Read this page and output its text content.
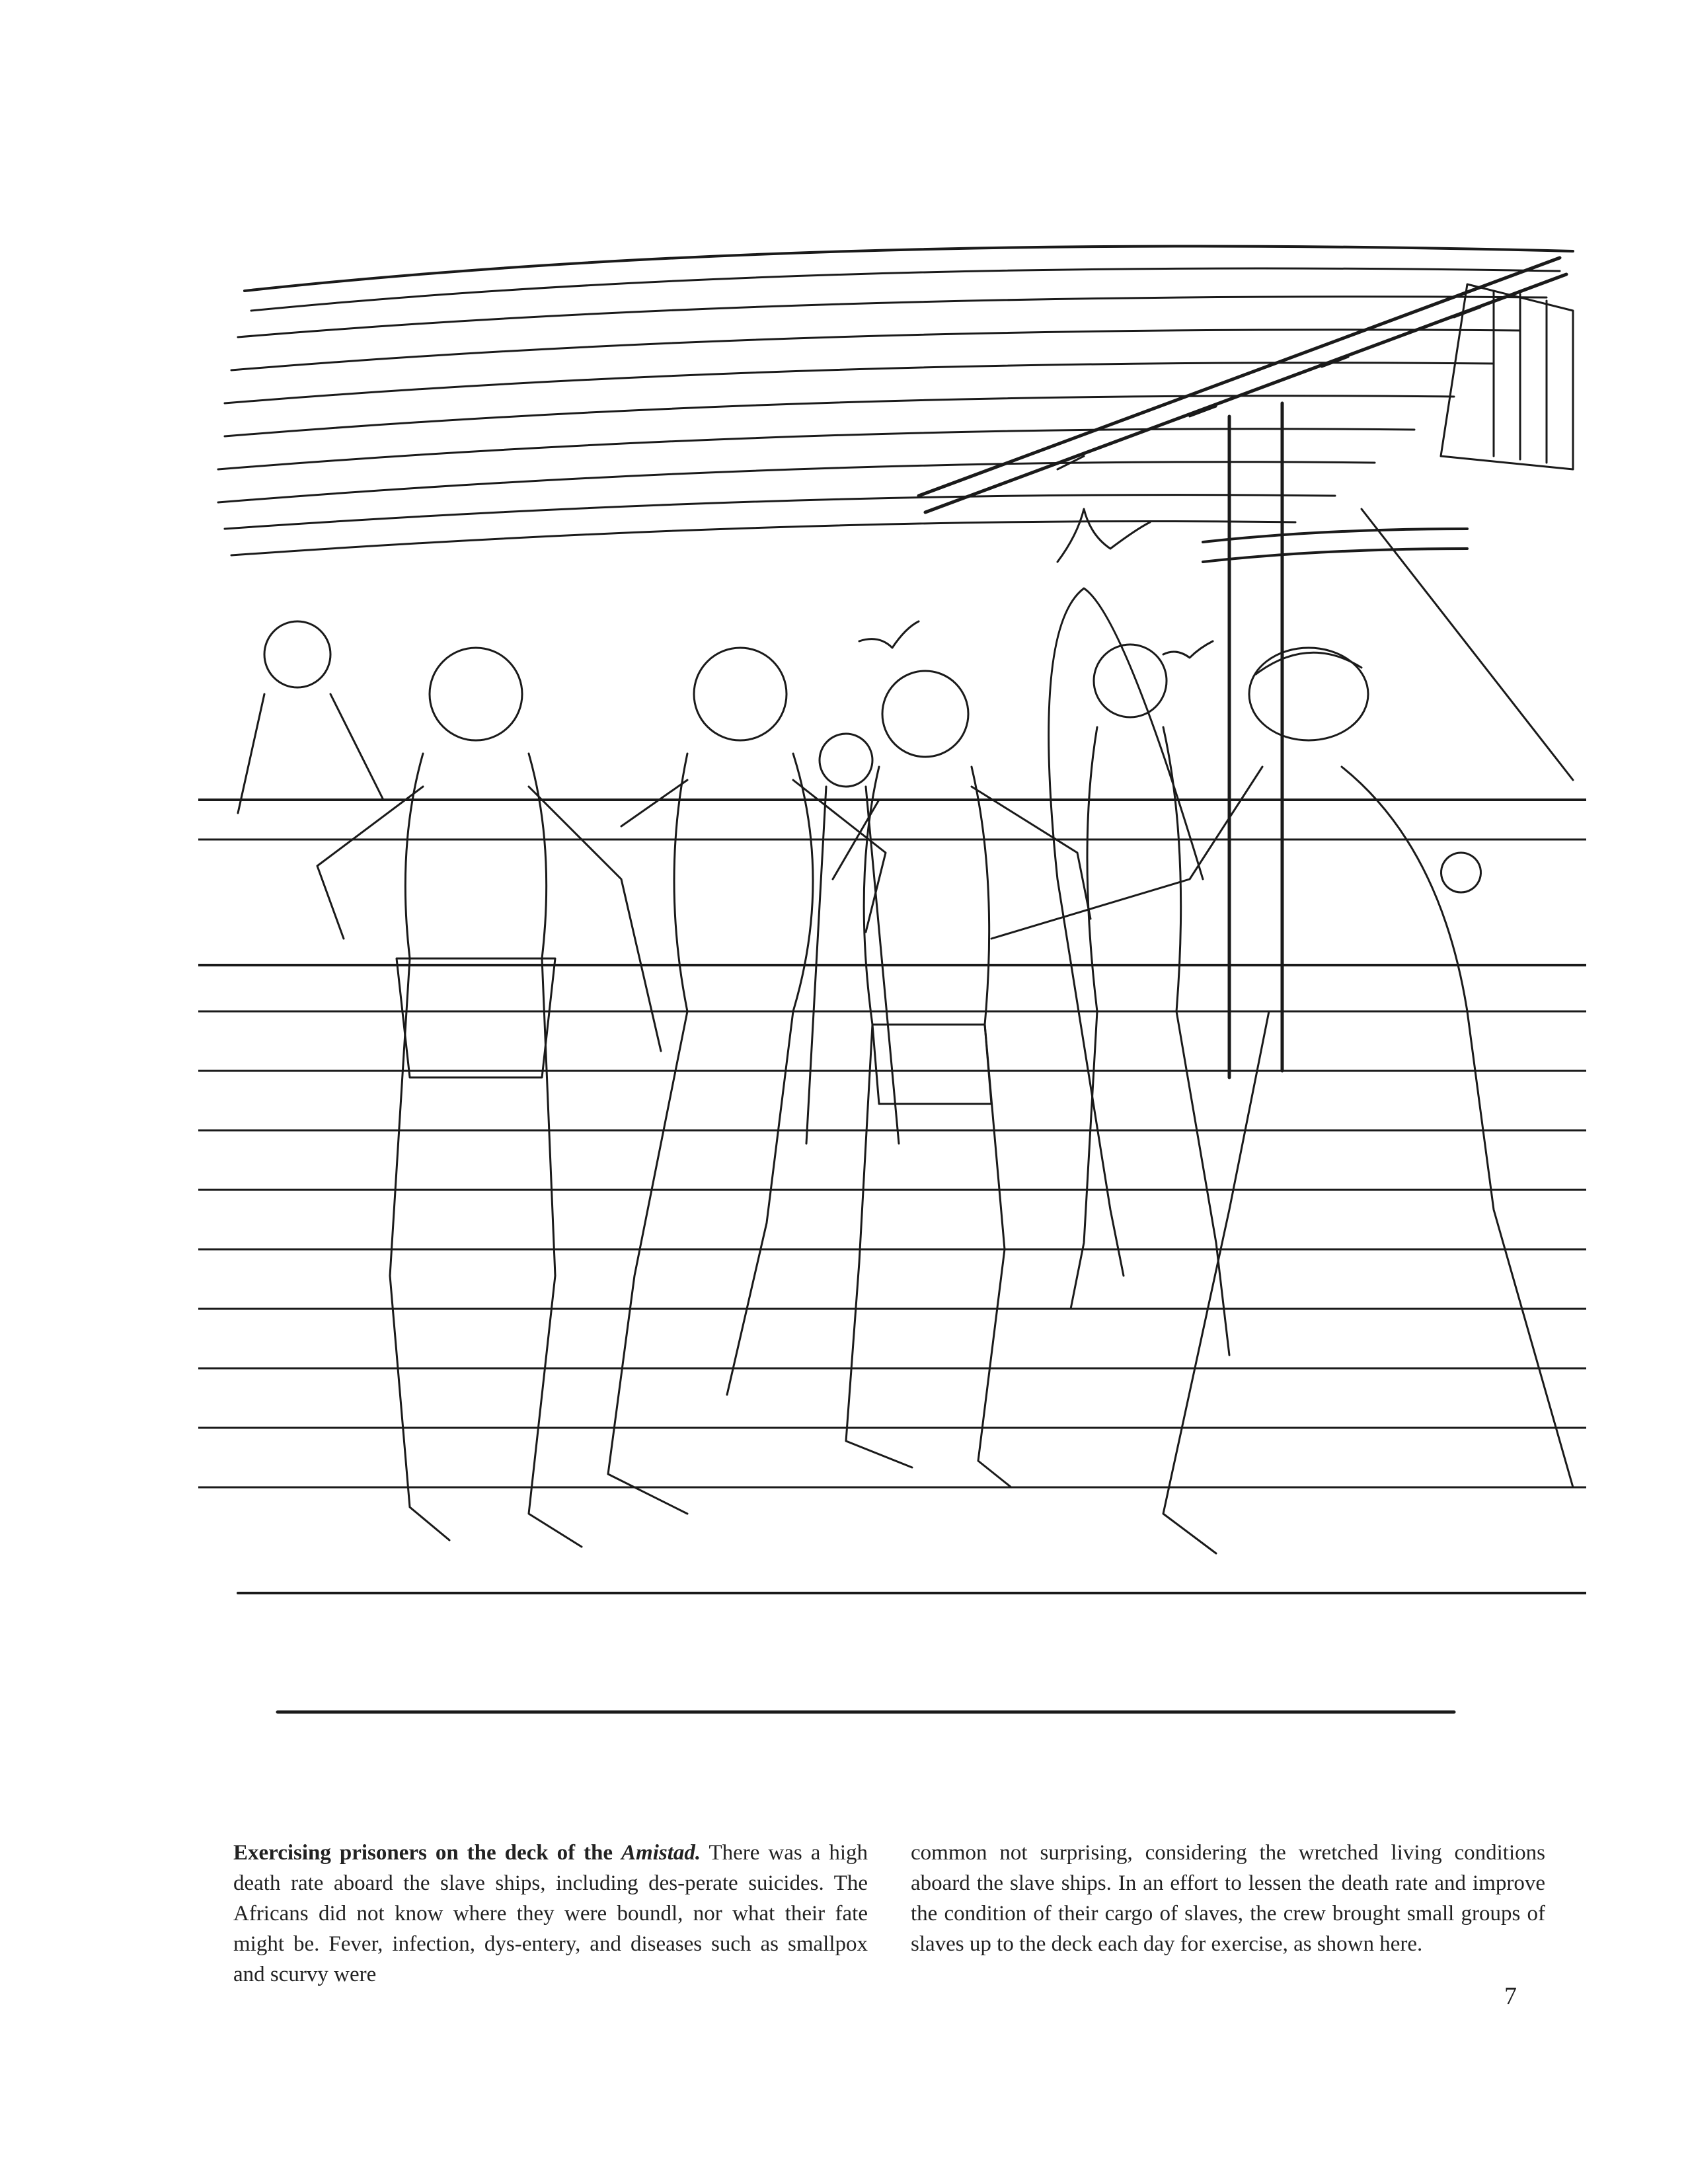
Exercising prisoners on the deck of the Amistad. There was a high death rate aboard the slave ships, including des-perate suicides. The Africans did not know where they were boundl, nor what their fate might be. Fever, infection, dys-entery, and diseases such as smallpox and scurvy were
common not surprising, considering the wretched living conditions aboard the slave ships. In an effort to lessen the death rate and improve the condition of their cargo of slaves, the crew brought small groups of slaves up to the deck each day for exercise, as shown here.
7
